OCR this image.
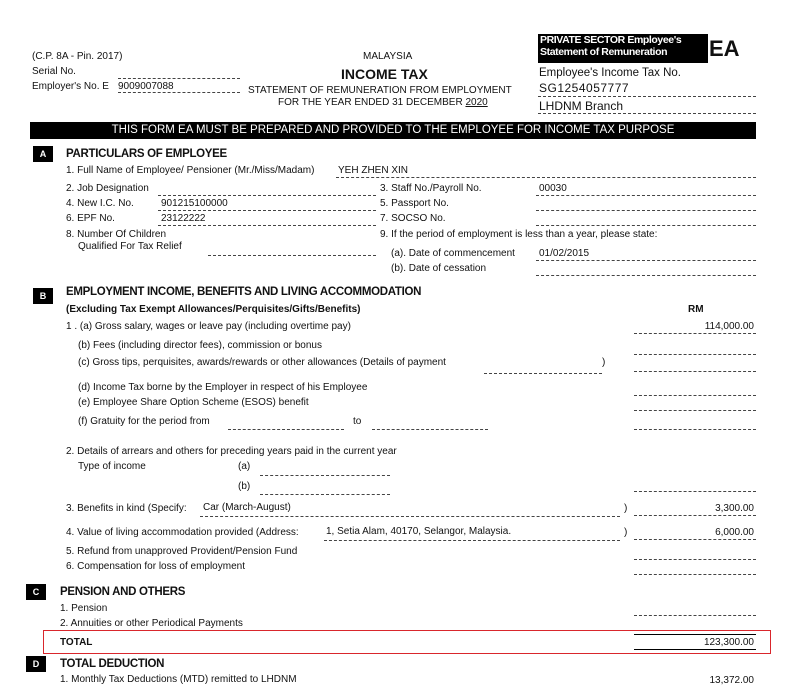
(C.P. 8A - Pin. 2017)
Serial No.
Employer's No. E 9009007088
MALAYSIA
INCOME TAX
STATEMENT OF REMUNERATION FROM EMPLOYMENT
FOR THE YEAR ENDED 31 DECEMBER 2020
PRIVATE SECTOR Employee's
Statement of Remuneration	EA
Employee's Income Tax No.
SG1254057777
LHDNM Branch
THIS FORM EA MUST BE PREPARED AND PROVIDED TO THE EMPLOYEE FOR INCOME TAX PURPOSE
A	PARTICULARS OF EMPLOYEE
1. Full Name of Employee/ Pensioner (Mr./Miss/Madam) YEH ZHEN XIN
2. Job Designation	3. Staff No./Payroll No.	00030
4. New I.C. No.	901215100000	5. Passport No.
6. EPF No.	23122222	7. SOCSO No.
8. Number Of Children
Qualified For Tax Relief
9. If the period of employment is less than a year, please state:
(a). Date of commencement 01/02/2015
(b). Date of cessation
B	EMPLOYMENT INCOME, BENEFITS AND LIVING ACCOMMODATION
(Excluding Tax Exempt Allowances/Perquisites/Gifts/Benefits)	RM
1 . (a) Gross salary, wages or leave pay (including overtime pay)	114,000.00
(b) Fees (including director fees), commission or bonus
(c) Gross tips, perquisites, awards/rewards or other allowances (Details of payment	)
(d) Income Tax borne by the Employer in respect of his Employee
(e) Employee Share Option Scheme (ESOS) benefit
(f) Gratuity for the period from	to
2. Details of arrears and others for preceding years paid in the current year
Type of income	(a)
(b)
3. Benefits in kind (Specify: Car (March-August)	)	3,300.00
4. Value of living accommodation provided (Address:	1, Setia Alam, 40170, Selangor, Malaysia.	)	6,000.00
5. Refund from unapproved Provident/Pension Fund
6. Compensation for loss of employment
C	PENSION AND OTHERS
1. Pension
2. Annuities or other Periodical Payments
TOTAL	123,300.00
D	TOTAL DEDUCTION
1. Monthly Tax Deductions (MTD) remitted to LHDNM	13,372.00
